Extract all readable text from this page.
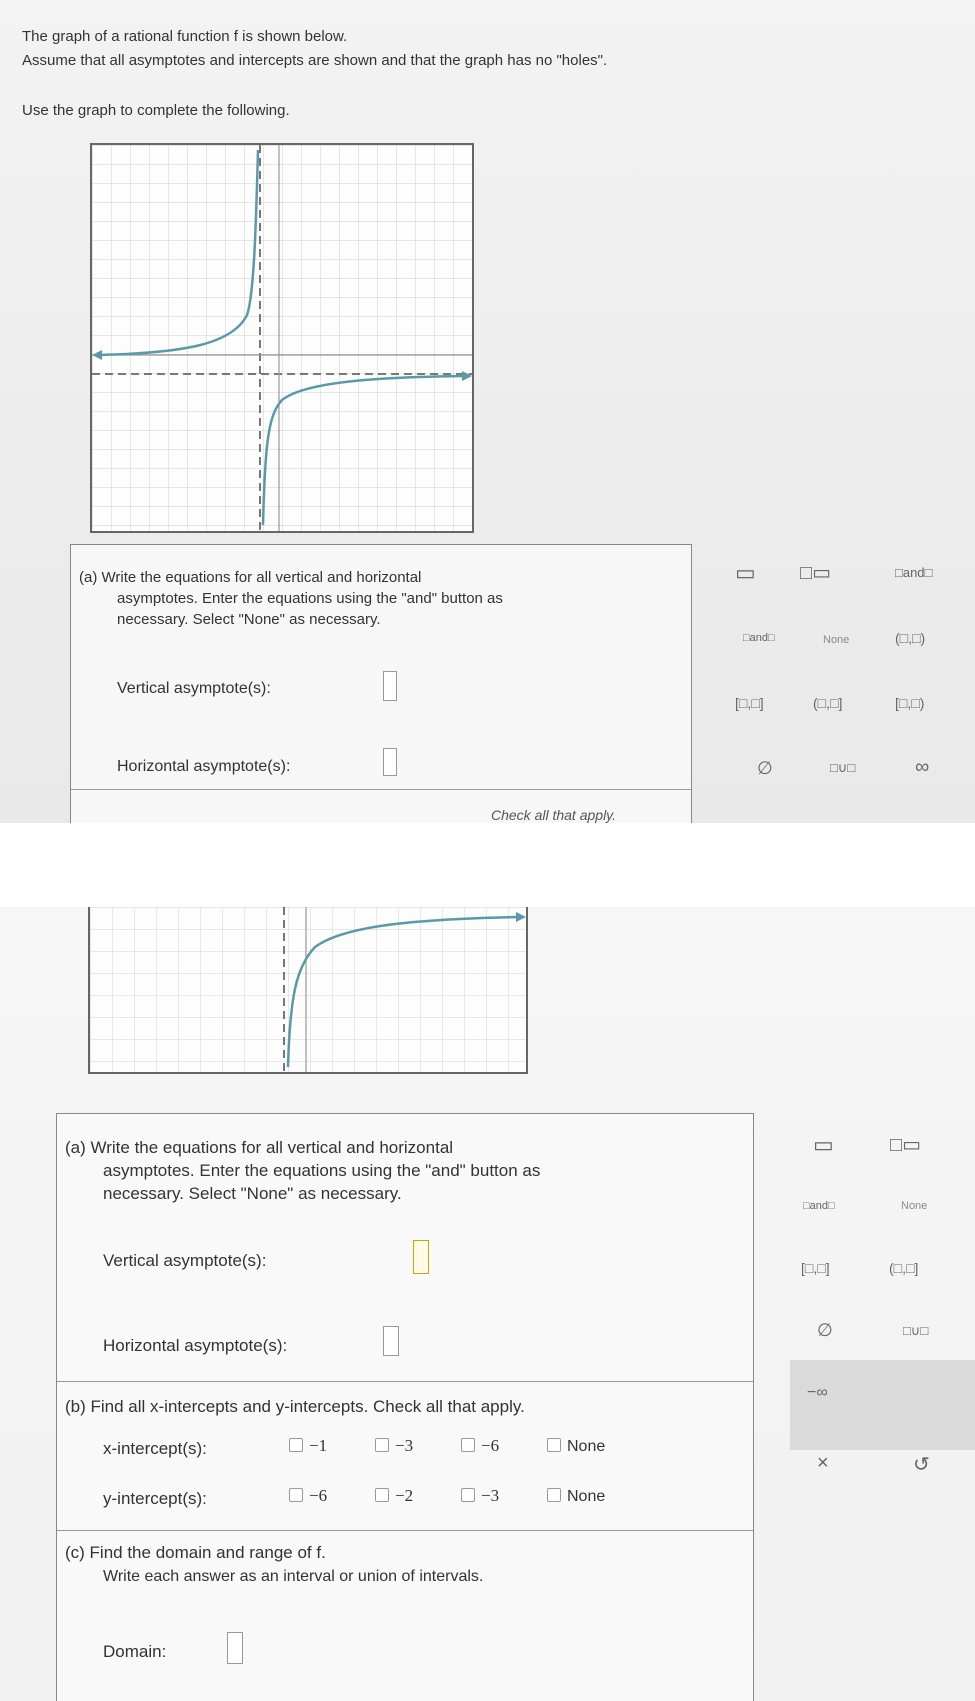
The graph of a rational function f is shown below.
Assume that all asymptotes and intercepts are shown and that the graph has no "holes".
Use the graph to complete the following.
(a) Write the equations for all vertical and horizontal
asymptotes. Enter the equations using the "and" button as
necessary. Select "None" as necessary.
Vertical asymptote(s):
Horizontal asymptote(s):
Check all that apply.
▭ □▭	□and□
□and□	None	(□,□)
[□,□]	(□,□]	[□,□)
∅	□∪□	∞
(a) Write the equations for all vertical and horizontal
asymptotes. Enter the equations using the "and" button as
necessary. Select "None" as necessary.
Vertical asymptote(s):
Horizontal asymptote(s):
(b) Find all x-intercepts and y-intercepts. Check all that apply.
x-intercept(s):	−1	−3	−6	None
y-intercept(s):	−6	−2	−3	None
(c) Find the domain and range of f.
Write each answer as an interval or union of intervals.
Domain:
▭	□▭
□and□	None
[□,□]	(□,□]
∅	□∪□
−∞
×	↺
